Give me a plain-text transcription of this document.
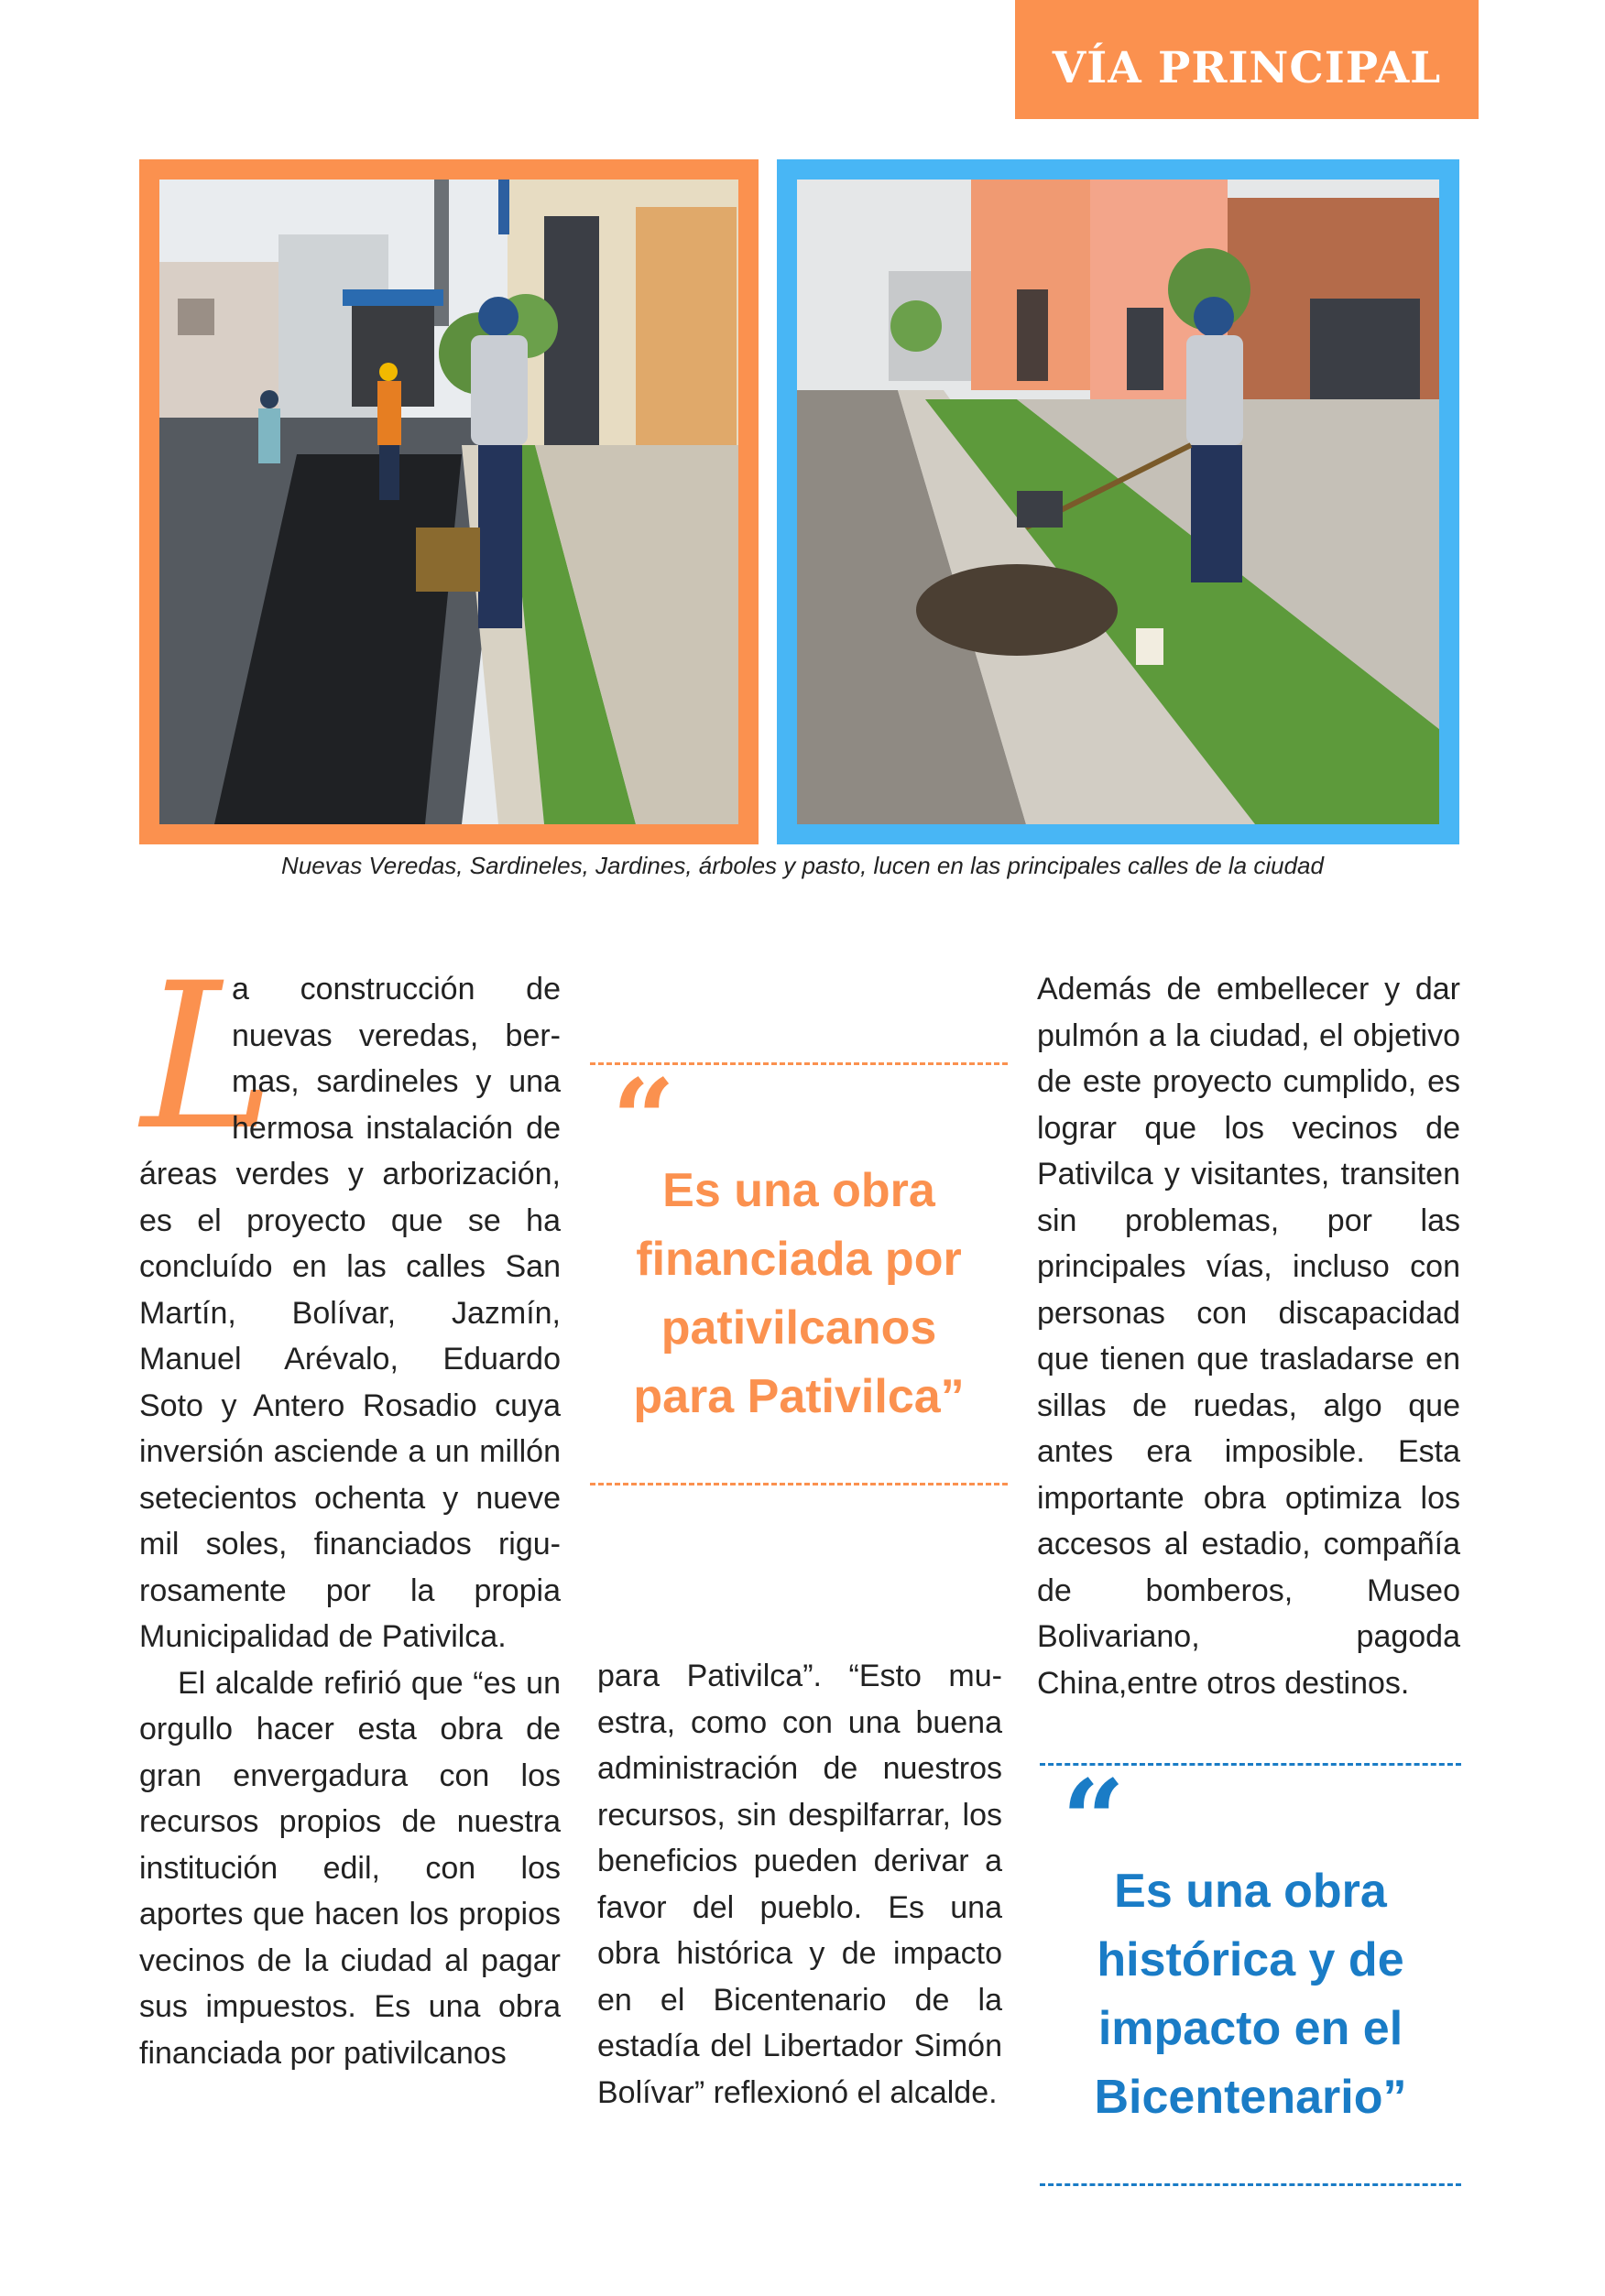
VÍA PRINCIPAL
Nuevas Veredas, Sardineles, Jardines, árboles y pasto, lucen en las principales calles de la ciudad
L

a construcción de nuevas veredas, bermas, sardineles y una hermosa instalación de áreas verdes y arborización, es el proyecto que se ha concluído en las calles San Martín, Bolívar, Jazmín, Manuel Arévalo, Eduardo Soto y Antero Rosadio cuya inversión asciende a un millón setecientos ochenta y nueve mil soles, financiados rigurosamente por la propia Municipalidad de Pativilca.

El alcalde refirió que “es un orgullo hacer esta obra de gran envergadura con los recursos propios de nuestra institución edil, con los aportes que hacen los propios vecinos de la ciudad al pagar sus impuestos. Es una obra financiada por pativilcanos

“
Es una obra
financiada por
pativilcanos
para Pativilca”

para Pativilca”. “Esto muestra, como con una buena administración de nuestros recursos, sin despilfarrar, los beneficios pueden derivar a favor del pueblo. Es una obra histórica y de impacto en el Bicentenario de la estadía del Libertador Simón Bolívar” reflexionó el alcalde.

Además de embellecer y dar pulmón a la ciudad, el objetivo de este proyecto cumplido, es lograr que los vecinos de Pativilca y visitantes, transiten sin problemas, por las principales vías, incluso con personas con discapacidad que tienen que trasladarse en sillas de ruedas, algo que antes era imposible. Esta importante obra optimiza los accesos al estadio, compañía de bomberos, Museo Bolivariano, pagoda China,entre otros destinos.

“
Es una obra
histórica y de
impacto en el
Bicentenario”
